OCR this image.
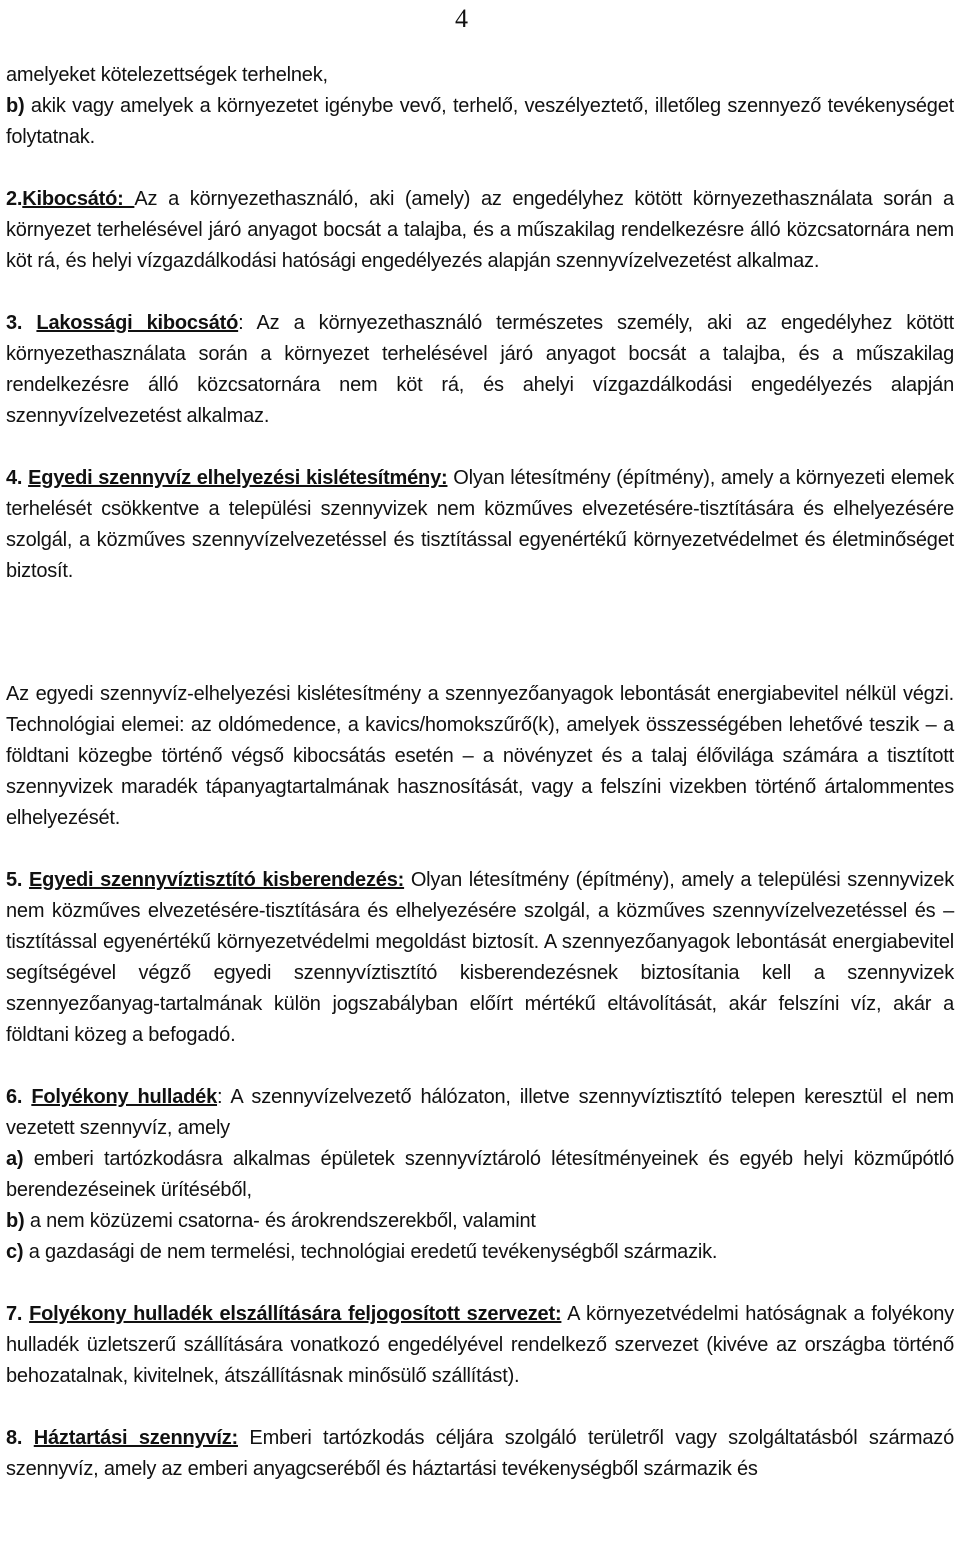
4

amelyeket kötelezettségek terhelnek,
b) akik vagy amelyek a környezetet igénybe vevő, terhelő, veszélyeztető, illetőleg szennyező tevékenységet folytatnak.

2.Kibocsátó: Az a környezethasználó, aki (amely) az engedélyhez kötött környezethasználata során a környezet terhelésével járó anyagot bocsát a talajba, és a műszakilag rendelkezésre álló közcsatornára nem köt rá, és helyi vízgazdálkodási hatósági engedélyezés alapján szennyvízelvezetést alkalmaz.

3. Lakossági kibocsátó: Az a környezethasználó természetes személy, aki az engedélyhez kötött környezethasználata során a környezet terhelésével járó anyagot bocsát a talajba, és a műszakilag rendelkezésre álló közcsatornára nem köt rá, és ahelyi vízgazdálkodási engedélyezés alapján szennyvízelvezetést alkalmaz.

4. Egyedi szennyvíz elhelyezési kislétesítmény: Olyan létesítmény (építmény), amely a környezeti elemek terhelését csökkentve a települési szennyvizek nem közműves elvezetésére-tisztítására és elhelyezésére szolgál, a közműves szennyvízelvezetéssel és tisztítással egyenértékű környezetvédelmet és életminőséget biztosít.

Az egyedi szennyvíz-elhelyezési kislétesítmény a szennyezőanyagok lebontását energiabevitel nélkül végzi. Technológiai elemei: az oldómedence, a kavics/homokszűrő(k), amelyek összességében lehetővé teszik – a földtani közegbe történő végső kibocsátás esetén – a növényzet és a talaj élővilága számára a tisztított szennyvizek maradék tápanyagtartalmának hasznosítását, vagy a felszíni vizekben történő ártalommentes elhelyezését.

5. Egyedi szennyvíztisztító kisberendezés: Olyan létesítmény (építmény), amely a települési szennyvizek nem közműves elvezetésére-tisztítására és elhelyezésére szolgál, a közműves szennyvízelvezetéssel és –tisztítással egyenértékű környezetvédelmi megoldást biztosít. A szennyezőanyagok lebontását energiabevitel segítségével végző egyedi szennyvíztisztító kisberendezésnek biztosítania kell a szennyvizek szennyezőanyag-tartalmának külön jogszabályban előírt mértékű eltávolítását, akár felszíni víz, akár a földtani közeg a befogadó.

6. Folyékony hulladék: A szennyvízelvezető hálózaton, illetve szennyvíztisztító telepen keresztül el nem vezetett szennyvíz, amely
a) emberi tartózkodásra alkalmas épületek szennyvíztároló létesítményeinek és egyéb helyi közműpótló berendezéseinek ürítéséből,
b) a nem közüzemi csatorna- és árokrendszerekből, valamint
c) a gazdasági de nem termelési, technológiai eredetű tevékenységből származik.

7. Folyékony hulladék elszállítására feljogosított szervezet: A környezetvédelmi hatóságnak a folyékony hulladék üzletszerű szállítására vonatkozó engedélyével rendelkező szervezet (kivéve az országba történő behozatalnak, kivitelnek, átszállításnak minősülő szállítást).

8. Háztartási szennyvíz: Emberi tartózkodás céljára szolgáló területről vagy szolgáltatásból származó szennyvíz, amely az emberi anyagcseréből és háztartási tevékenységből származik és
